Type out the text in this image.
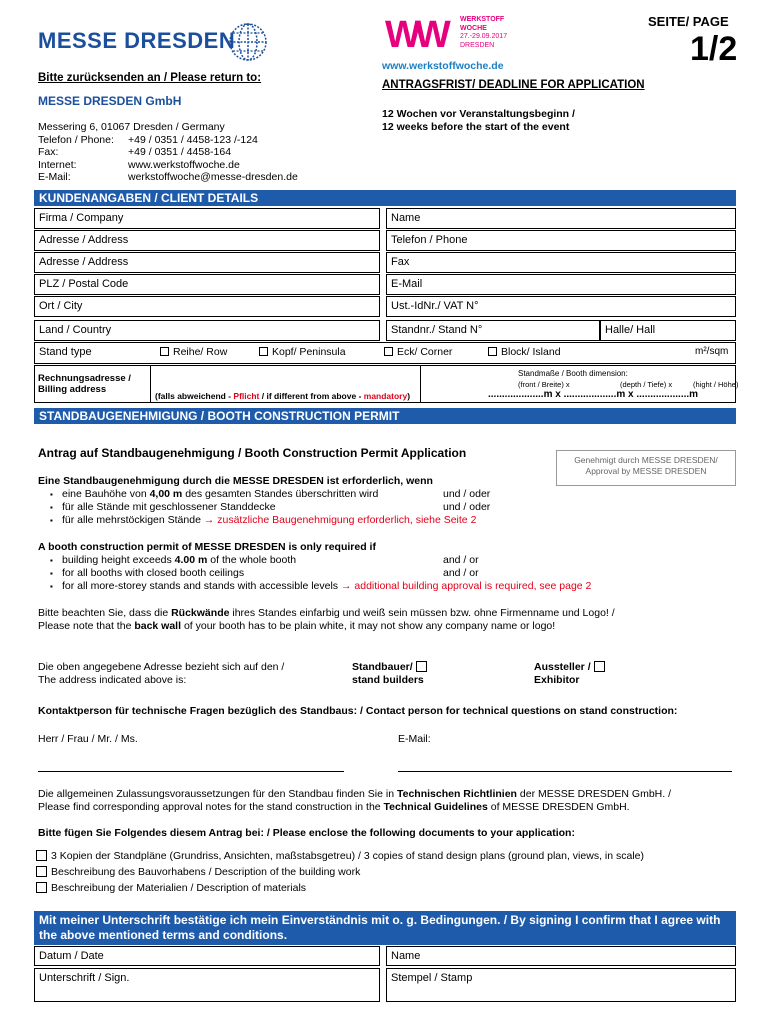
MESSE DRESDEN	WW WERKSTOFF
WOCHE
27.-29.09.2017
DRESDEN
www.werkstoffwoche.de
SEITE/ PAGE
1/2
Bitte zurücksenden an / Please return to:
MESSE DRESDEN GmbH
Messering 6, 01067 Dresden / Germany
Telefon / Phone: +49 / 0351 / 4458-123 /-124
Fax:	+49 / 0351 / 4458-164
Internet:	www.werkstoffwoche.de
E-Mail:	werkstoffwoche@messe-dresden.de
ANTRAGSFRIST/ DEADLINE FOR APPLICATION
12 Wochen vor Veranstaltungsbeginn /
12 weeks before the start of the event
KUNDENANGABEN / CLIENT DETAILS
Firma / Company	Name
Adresse / Address	Telefon / Phone
Adresse / Address	Fax
PLZ / Postal Code	E-Mail
Ort / City	Ust.-IdNr./ VAT N°
Land / Country	Standnr./ Stand N°	Halle/ Hall
Stand type	Reihe/ Row	Kopf/ Peninsula	Eck/ Corner	Block/ Island	m²/sqm
Rechnungsadresse / Billing address
(falls abweichend - Pflicht / if different from above - mandatory)
Standmaße / Booth dimension:
(front / Breite) x	(depth / Tiefe) x	(hight / Höhe)
....................m x ...................m x ...................m
STANDBAUGENEHMIGUNG / BOOTH CONSTRUCTION PERMIT
Antrag auf Standbaugenehmigung / Booth Construction Permit Application	Genehmigt durch MESSE DRESDEN/ Approval by MESSE DRESDEN
Eine Standbaugenehmigung durch die MESSE DRESDEN ist erforderlich, wenn
▪ eine Bauhöhe von 4,00 m des gesamten Standes überschritten wird	und / oder
▪ für alle Stände mit geschlossener Standdecke	und / oder
▪ für alle mehrstöckigen Stände → zusätzliche Baugenehmigung erforderlich, siehe Seite 2
A booth construction permit of MESSE DRESDEN is only required if
▪ building height exceeds 4.00 m of the whole booth	and / or
▪ for all booths with closed booth ceilings	and / or
▪ for all more-storey stands and stands with accessible levels → additional building approval is required, see page 2
Bitte beachten Sie, dass die Rückwände ihres Standes einfarbig und weiß sein müssen bzw. ohne Firmenname und Logo! /
Please note that the back wall of your booth has to be plain white, it may not show any company name or logo!
Die oben angegebene Adresse bezieht sich auf den /
The address indicated above is:
Standbauer/
stand builders
Aussteller /
Exhibitor
Kontaktperson für technische Fragen bezüglich des Standbaus: / Contact person for technical questions on stand construction:
Herr / Frau / Mr. / Ms.	E-Mail:
Die allgemeinen Zulassungsvoraussetzungen für den Standbau finden Sie in Technischen Richtlinien der MESSE DRESDEN GmbH. /
Please find corresponding approval notes for the stand construction in the Technical Guidelines of MESSE DRESDEN GmbH.
Bitte fügen Sie Folgendes diesem Antrag bei: / Please enclose the following documents to your application:
3 Kopien der Standpläne (Grundriss, Ansichten, maßstabsgetreu) / 3 copies of stand design plans (ground plan, views, in scale)
Beschreibung des Bauvorhabens / Description of the building work
Beschreibung der Materialien / Description of materials
Mit meiner Unterschrift bestätige ich mein Einverständnis mit o. g. Bedingungen. / By signing I confirm that I agree with the above mentioned terms and conditions.
Datum / Date	Name
Unterschrift / Sign.	Stempel / Stamp
